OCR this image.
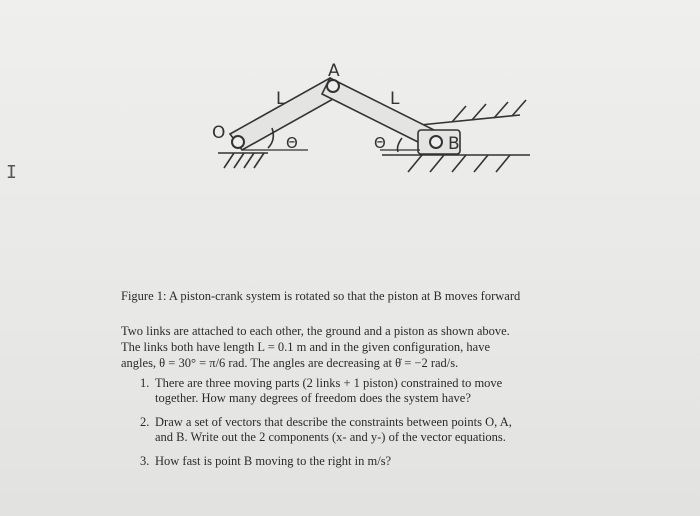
I
O
A
B
L	L
Θ	Θ
Figure 1: A piston-crank system is rotated so that the piston at B moves forward
Two links are attached to each other, the ground and a piston as shown above.
The links both have length L = 0.1 m and in the given configuration, have
angles, θ = 30° = π/6 rad. The angles are decreasing at θ̇ = −2 rad/s.
1. There are three moving parts (2 links + 1 piston) constrained to move
together. How many degrees of freedom does the system have?
2. Draw a set of vectors that describe the constraints between points O, A,
and B. Write out the 2 components (x- and y-) of the vector equations.
3. How fast is point B moving to the right in m/s?
